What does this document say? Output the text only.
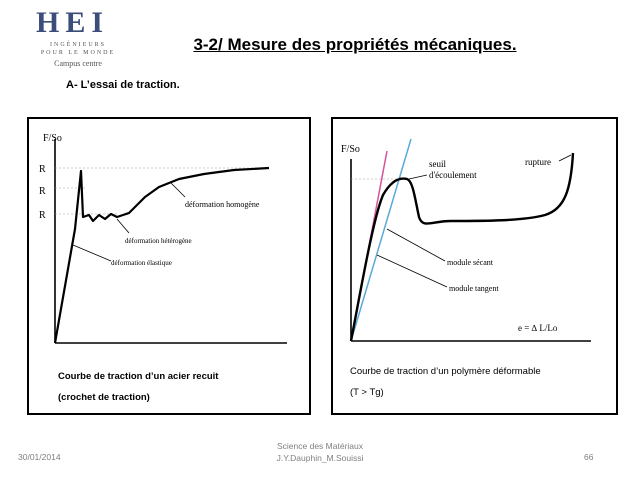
HEI
INGÉNIEURS
POUR LE MONDE
Campus centre
3-2/ Mesure des propriétés mécaniques.
A- L’essai de traction.
F/So
R
R
R
déformation homogène
déformation hétérogène
déformation élastique
Courbe de traction d’un acier recuit
(crochet de traction)
F/So
seuil
d'écoulement
rupture
module sécant
module tangent
e = ∆ L/Lo
Courbe de traction d’un polymère déformable
(T > Tg)
30/01/2014
Science des Matériaux
J.Y.Dauphin_M.Souissi	66
